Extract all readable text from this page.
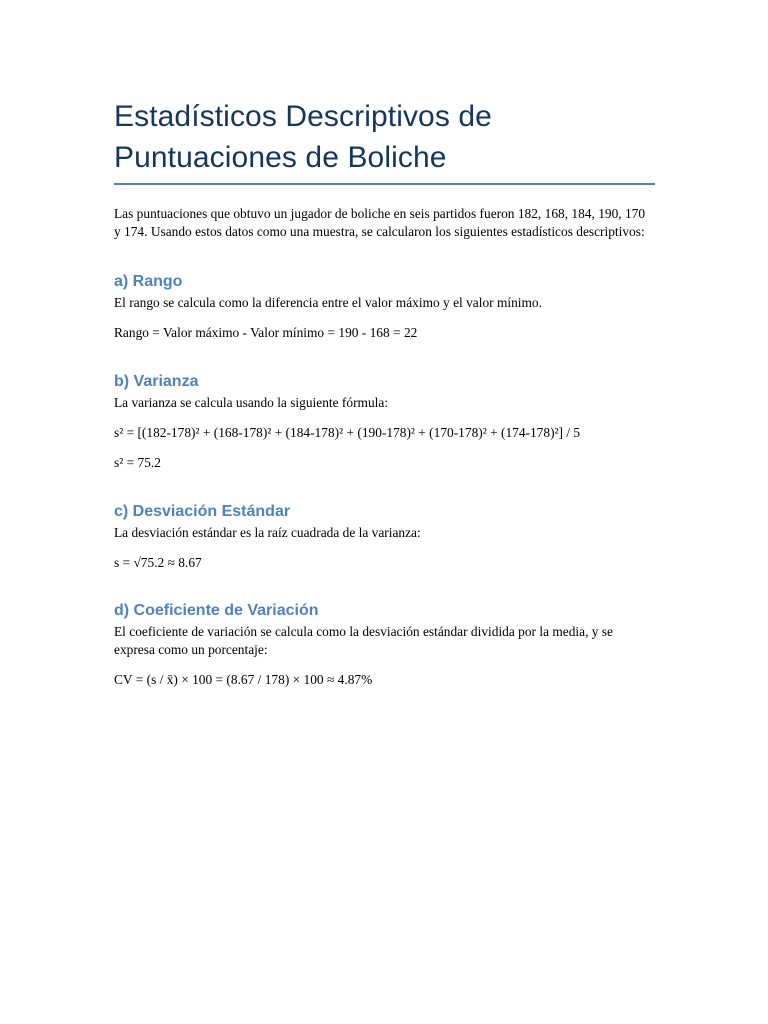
Estadísticos Descriptivos de
Puntuaciones de Boliche

Las puntuaciones que obtuvo un jugador de boliche en seis partidos fueron 182, 168, 184, 190, 170 y 174. Usando estos datos como una muestra, se calcularon los siguientes estadísticos descriptivos:

a) Rango

El rango se calcula como la diferencia entre el valor máximo y el valor mínimo.

Rango = Valor máximo - Valor mínimo = 190 - 168 = 22

b) Varianza

La varianza se calcula usando la siguiente fórmula:

s² = [(182-178)² + (168-178)² + (184-178)² + (190-178)² + (170-178)² + (174-178)²] / 5

s² = 75.2

c) Desviación Estándar

La desviación estándar es la raíz cuadrada de la varianza:

s = √75.2 ≈ 8.67

d) Coeficiente de Variación

El coeficiente de variación se calcula como la desviación estándar dividida por la media, y se expresa como un porcentaje:

CV = (s / x̄) × 100 = (8.67 / 178) × 100 ≈ 4.87%
